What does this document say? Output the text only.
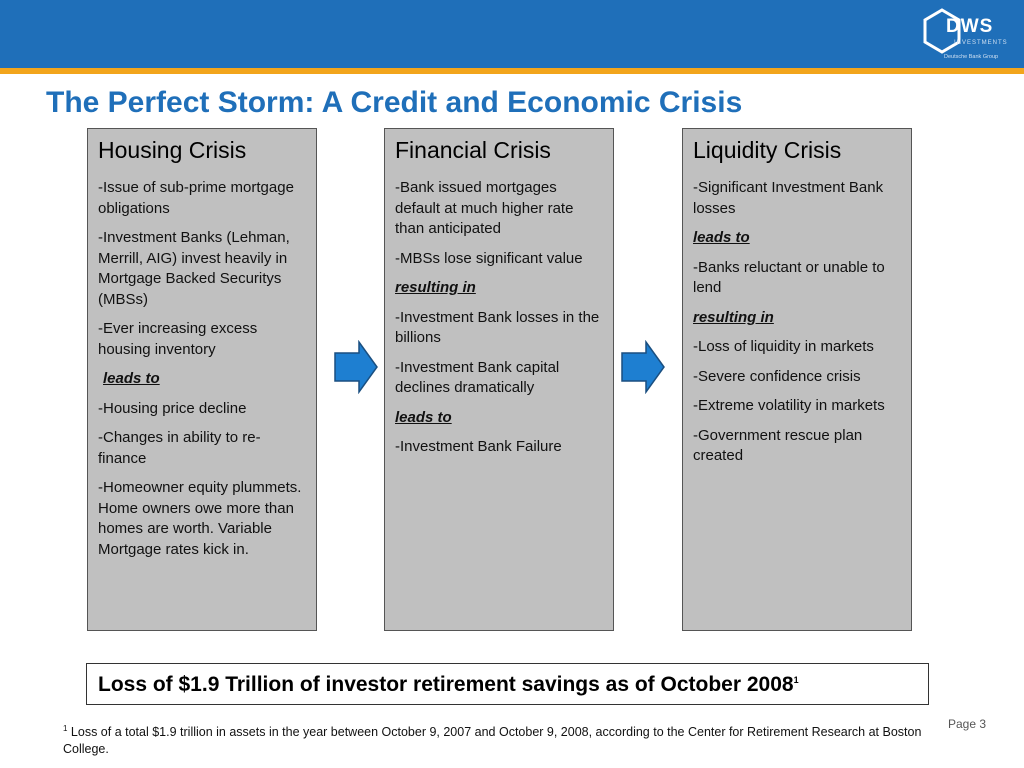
DWS
INVESTMENTS
Deutsche Bank Group
The Perfect Storm: A Credit and Economic Crisis
Housing Crisis

-Issue of sub-prime mortgage obligations

-Investment Banks (Lehman, Merrill, AIG) invest heavily in Mortgage Backed Securitys (MBSs)

-Ever increasing excess housing inventory

leads to

-Housing price decline

-Changes in ability to re-finance

-Homeowner equity plummets. Home owners owe more than homes are worth. Variable Mortgage rates kick in.

Financial Crisis

-Bank issued mortgages default at much higher rate than anticipated

-MBSs lose significant value

resulting in

-Investment Bank losses in the billions

-Investment Bank capital declines dramatically

leads to

-Investment Bank Failure

Liquidity Crisis

-Significant Investment Bank losses

leads to

-Banks reluctant or unable to lend

resulting in

-Loss of liquidity in markets

-Severe confidence crisis

-Extreme volatility in markets

-Government rescue plan created

Loss of $1.9 Trillion of investor retirement savings as of October 2008$^1$
$^1$ Loss of a total $1.9 trillion in assets in the year between October 9, 2007 and October 9, 2008, according to the Center for Retirement Research at Boston College.
Page 3
